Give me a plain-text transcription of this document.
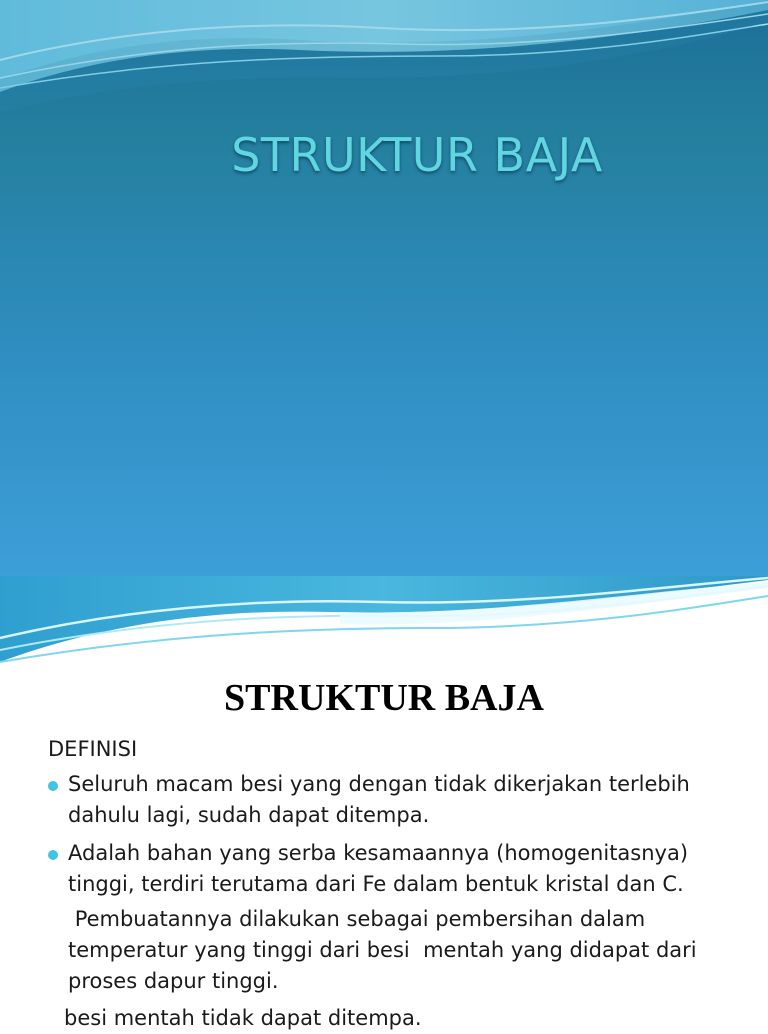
STRUKTUR BAJA
STRUKTUR BAJA
DEFINISI
Seluruh macam besi yang dengan tidak dikerjakan terlebih dahulu lagi, sudah dapat ditempa.
Adalah bahan yang serba kesamaannya (homogenitasnya) tinggi, terdiri terutama dari Fe dalam bentuk kristal dan C.
Pembuatannya dilakukan sebagai pembersihan dalam temperatur yang tinggi dari besi  mentah yang didapat dari proses dapur tinggi.
besi mentah tidak dapat ditempa.
